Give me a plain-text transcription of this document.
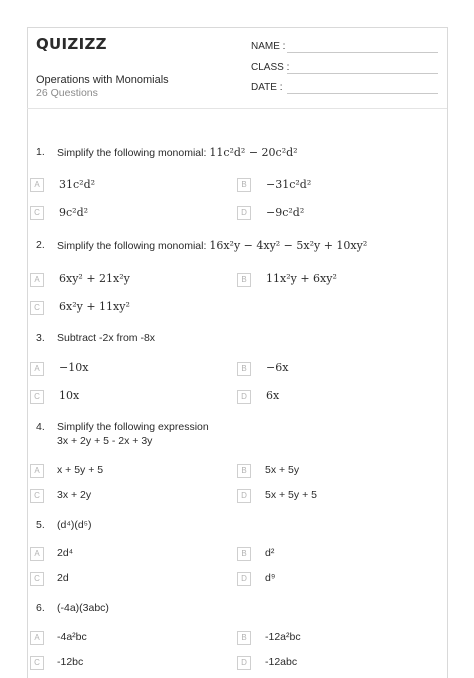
QUIZIZZ
Operations with Monomials
26 Questions
NAME :
CLASS :
DATE :
1. Simplify the following monomial: 11c²d² − 20c²d²
A	31c²d²	B	−31c²d²
C	9c²d²	D	−9c²d²
2. Simplify the following monomial: 16x²y − 4xy² − 5x²y + 10xy²
A	6xy² + 21x²y	B	11x²y + 6xy²
C	6x²y + 11xy²
3. Subtract -2x from -8x
A	−10x	B	−6x
C	10x	D	6x
4. Simplify the following expression
3x + 2y + 5 - 2x + 3y
A	x + 5y + 5	B	5x + 5y
C	3x + 2y	D	5x + 5y + 5
5. (d⁴)(d⁵)
A	2d⁴	B	d²
C	2d	D	d⁹
6. (-4a)(3abc)
A	-4a²bc	B	-12a²bc
C	-12bc	D	-12abc
